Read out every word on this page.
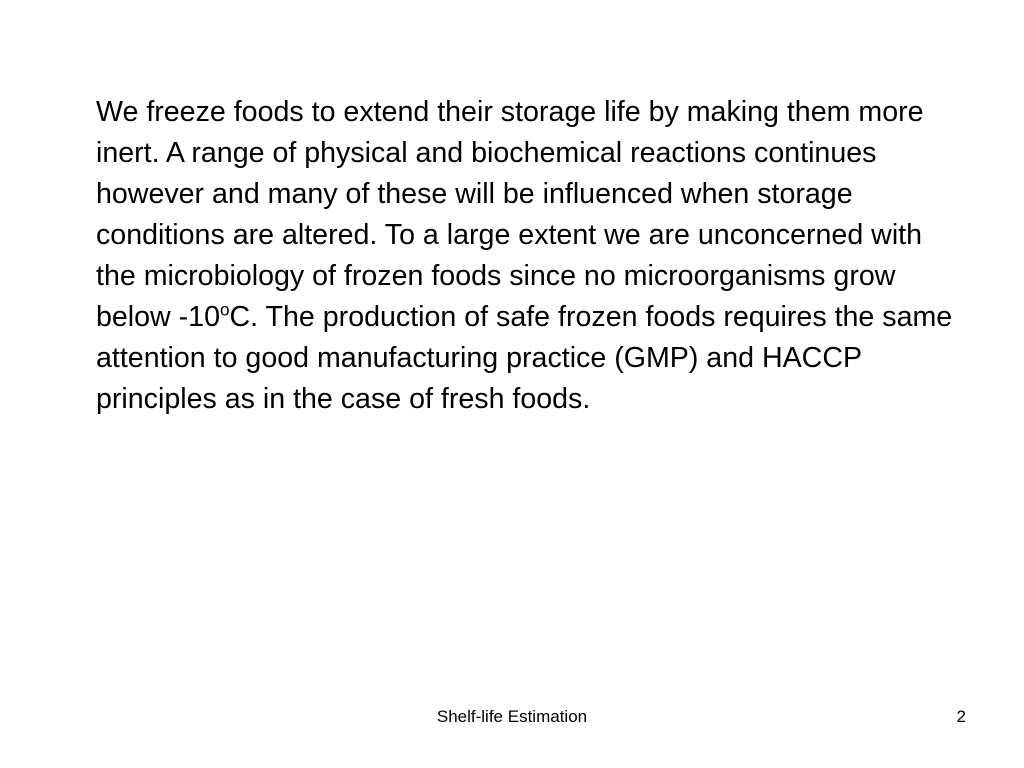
We freeze foods to extend their storage life by making them more inert. A range of physical and biochemical reactions continues however and many of these will be influenced when storage conditions are altered. To a large extent we are unconcerned with the microbiology of frozen foods since no microorganisms grow below -10$^o$C. The production of safe frozen foods requires the same attention to good manufacturing practice (GMP) and HACCP principles as in the case of fresh foods.

Shelf-life Estimation	2
